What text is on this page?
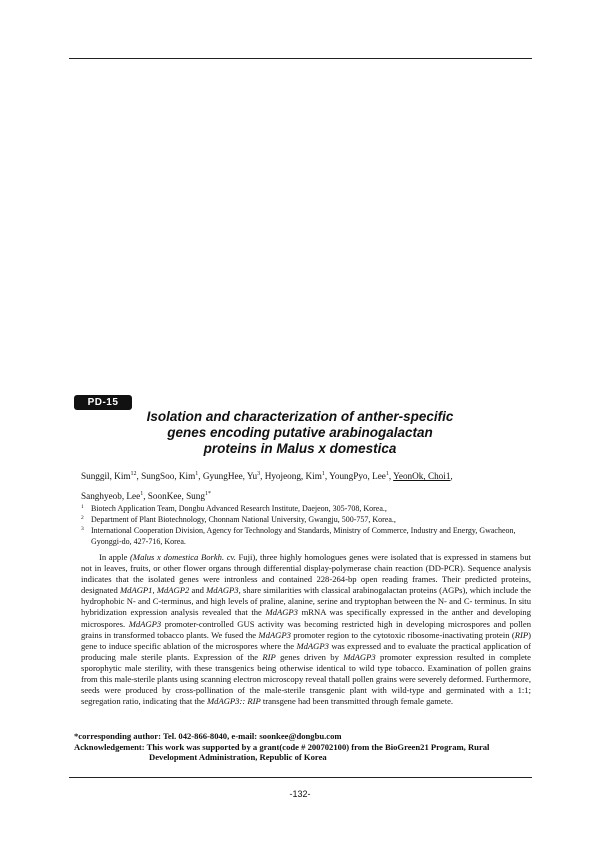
PD-15
Isolation and characterization of anther-specific
genes encoding putative arabinogalactan
proteins in Malus x domestica
Sunggil, Kim$^{12}$, SungSoo, Kim$^1$, GyungHee, Yu$^3$, Hyojeong, Kim$^1$, YoungPyo, Lee$^1$, YeonOk, Choi1,
Sanghyeob, Lee$^1$, SoonKee, Sung$^{1*}$

1 Biotech Application Team, Dongbu Advanced Research Institute, Daejeon, 305-708, Korea.,

2 Department of Plant Biotechnology, Chonnam National University, Gwangju, 500-757, Korea.,

3 International Cooperation Division, Agency for Technology and Standards, Ministry of Commerce, Industry and Energy, Gwacheon, Gyonggi-do, 427-716, Korea.

In apple (Malus x domestica Borkh. cv. Fuji), three highly homologues genes were isolated that is expressed in stamens but not in leaves, fruits, or other flower organs through differential display-polymerase chain reaction (DD-PCR). Sequence analysis indicates that the isolated genes were intronless and contained 228-264-bp open reading frames. Their predicted proteins, designated MdAGP1, MdAGP2 and MdAGP3, share similarities with classical arabinogalactan proteins (AGPs), which include the hydrophobic N- and C-terminus, and high levels of praline, alanine, serine and tryptophan between the N- and C- terminus. In situ hybridization expression analysis revealed that the MdAGP3 mRNA was specifically expressed in the anther and developing microspores. MdAGP3 promoter-controlled GUS activity was becoming restricted high in developing microspores and pollen grains in transformed tobacco plants. We fused the MdAGP3 promoter region to the cytotoxic ribosome-inactivating protein (RIP) gene to induce specific ablation of the microspores where the MdAGP3 was expressed and to evaluate the practical application of producing male sterile plants. Expression of the RIP genes driven by MdAGP3 promoter expression resulted in complete sporophytic male sterility, with these transgenics being otherwise identical to wild type tobacco. Examination of pollen grains from this male-sterile plants using scanning electron microscopy reveal thatall pollen grains were severely deformed. Furthermore, seeds were produced by cross-pollination of the male-sterile transgenic plant with wild-type and germinated with a 1:1; segregation ratio, indicating that the MdAGP3:: RIP transgene had been transmitted through female gamete.

*corresponding author: Tel. 042-866-8040, e-mail: soonkee@dongbu.com
Acknowledgement: This work was supported by a grant(code # 200702100) from the BioGreen21 Program, Rural
Development Administration, Republic of Korea
-132-
